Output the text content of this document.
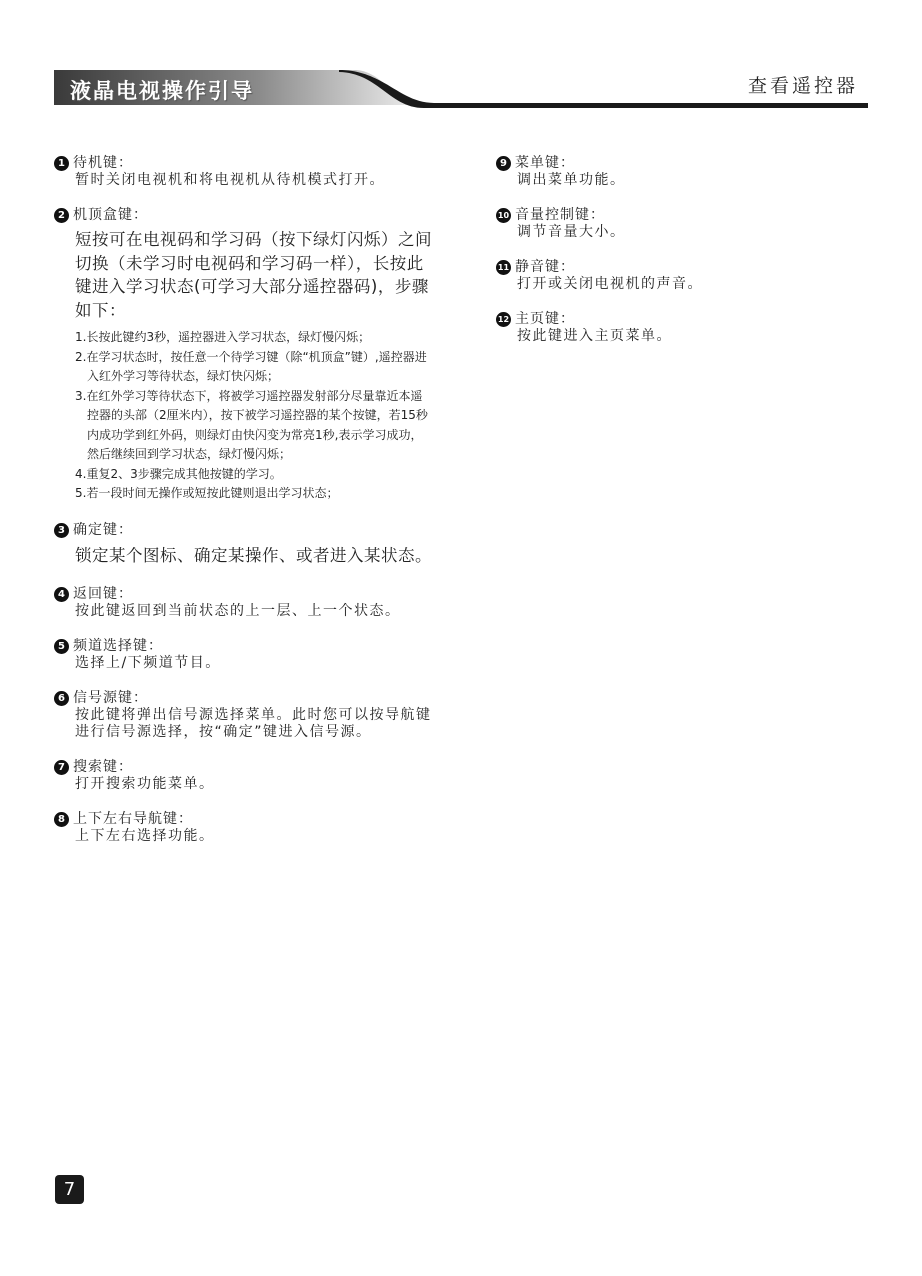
液晶电视操作引导	查看遥控器
1 待机键：
暂时关闭电视机和将电视机从待机模式打开。
2 机顶盒键：
短按可在电视码和学习码（按下绿灯闪烁）之间切换（未学习时电视码和学习码一样），长按此键进入学习状态(可学习大部分遥控器码)，步骤如下：
1.长按此键约3秒，遥控器进入学习状态，绿灯慢闪烁；
2.在学习状态时，按任意一个待学习键（除“机顶盒”键）,遥控器进入红外学习等待状态，绿灯快闪烁；
3.在红外学习等待状态下，将被学习遥控器发射部分尽量靠近本遥控器的头部（2厘米内），按下被学习遥控器的某个按键，若15秒内成功学到红外码，则绿灯由快闪变为常亮1秒,表示学习成功，然后继续回到学习状态，绿灯慢闪烁；
4.重复2、3步骤完成其他按键的学习。
5.若一段时间无操作或短按此键则退出学习状态；
3 确定键：
锁定某个图标、确定某操作、或者进入某状态。
4 返回键：
按此键返回到当前状态的上一层、上一个状态。
5 频道选择键：
选择上/下频道节目。
6 信号源键：
按此键将弹出信号源选择菜单。此时您可以按导航键进行信号源选择，按“确定”键进入信号源。
7 搜索键：
打开搜索功能菜单。
8 上下左右导航键：
上下左右选择功能。
9 菜单键：
调出菜单功能。
10 音量控制键：
调节音量大小。
11 静音键：
打开或关闭电视机的声音。
12 主页键：
按此键进入主页菜单。
7
